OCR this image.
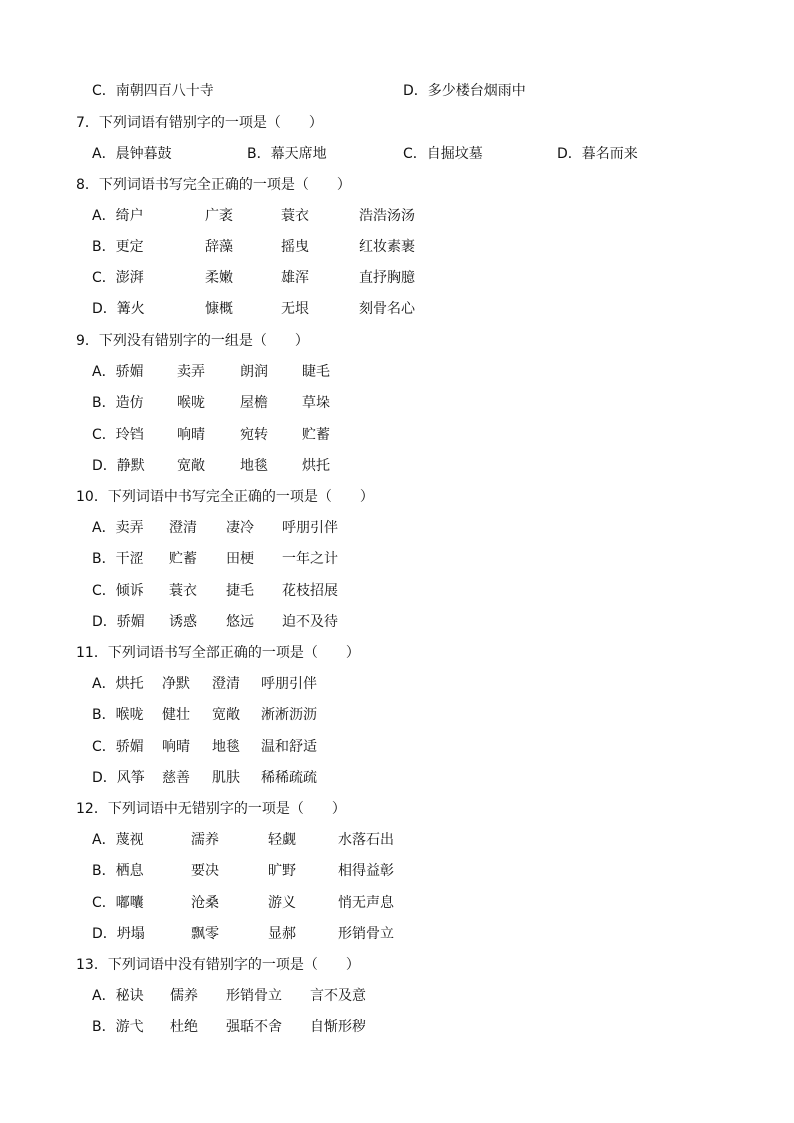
C．南朝四百八十寺	D．多少楼台烟雨中
7．下列词语有错别字的一项是（　　）
A．晨钟暮鼓	B．幕天席地	C．自掘坟墓	D．暮名而来
8．下列词语书写完全正确的一项是（　　）
A．绮户	广袤	蓑衣	浩浩汤汤
B．更定	辞藻	摇曳	红妆素裹
C．澎湃	柔嫩	雄浑	直抒胸臆
D．篝火	慷概	无垠	刻骨名心
9．下列没有错别字的一组是（　　）
A．骄媚 卖弄	朗润 睫毛
B．造仿 喉咙	屋檐 草垛
C．玲铛 响晴	宛转 贮蓄
D．静默 宽敞	地毯 烘托
10．下列词语中书写完全正确的一项是（　　）
A．卖弄 澄清 凄冷 呼朋引伴
B．干涩 贮蓄 田梗 一年之计
C．倾诉 蓑衣 捷毛 花枝招展
D．骄媚 诱惑 悠远 迫不及待
11．下列词语书写全部正确的一项是（　　）
A．烘托 净默 澄清 呼朋引伴
B．喉咙 健壮 宽敞 淅淅沥沥
C．骄媚 响晴 地毯 温和舒适
D．风筝 慈善 肌肤 稀稀疏疏
12．下列词语中无错别字的一项是（　　）
A．蔑视	濡养	轻觑	水落石出
B．栖息	要决	旷野	相得益彰
C．嘟囔	沧桑	游义	悄无声息
D．坍塌	飘零	显郝	形销骨立
13．下列词语中没有错别字的一项是（　　）
A．秘诀 儒养 形销骨立 言不及意
B．游弋 杜绝 强聒不舍 自惭形秽
